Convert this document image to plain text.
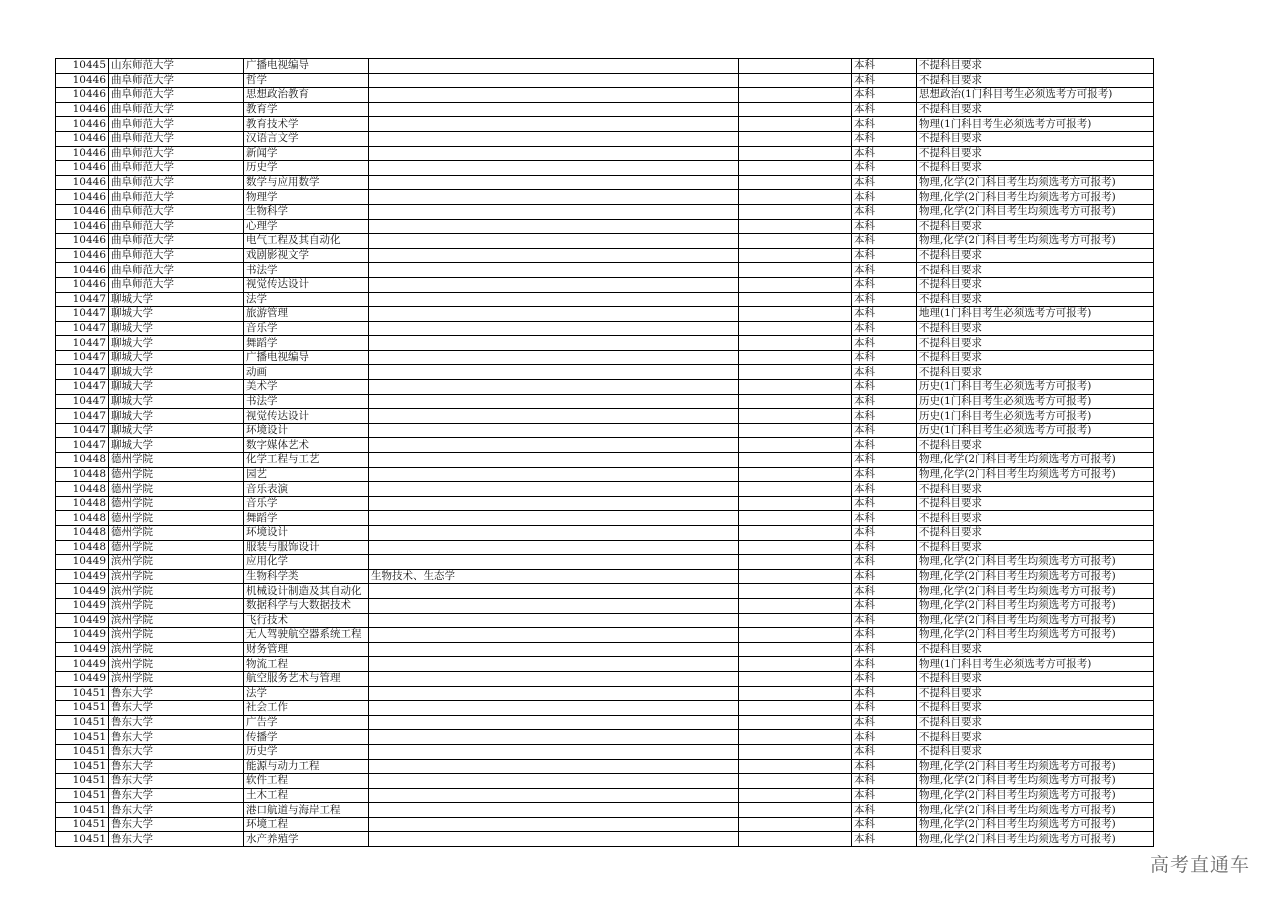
10445	山东师范大学	广播电视编导			本科	不提科目要求
10446	曲阜师范大学	哲学			本科	不提科目要求
10446	曲阜师范大学	思想政治教育			本科	思想政治(1门科目考生必须选考方可报考)
10446	曲阜师范大学	教育学			本科	不提科目要求
10446	曲阜师范大学	教育技术学			本科	物理(1门科目考生必须选考方可报考)
10446	曲阜师范大学	汉语言文学			本科	不提科目要求
10446	曲阜师范大学	新闻学			本科	不提科目要求
10446	曲阜师范大学	历史学			本科	不提科目要求
10446	曲阜师范大学	数学与应用数学			本科	物理,化学(2门科目考生均须选考方可报考)
10446	曲阜师范大学	物理学			本科	物理,化学(2门科目考生均须选考方可报考)
10446	曲阜师范大学	生物科学			本科	物理,化学(2门科目考生均须选考方可报考)
10446	曲阜师范大学	心理学			本科	不提科目要求
10446	曲阜师范大学	电气工程及其自动化			本科	物理,化学(2门科目考生均须选考方可报考)
10446	曲阜师范大学	戏剧影视文学			本科	不提科目要求
10446	曲阜师范大学	书法学			本科	不提科目要求
10446	曲阜师范大学	视觉传达设计			本科	不提科目要求
10447	聊城大学	法学			本科	不提科目要求
10447	聊城大学	旅游管理			本科	地理(1门科目考生必须选考方可报考)
10447	聊城大学	音乐学			本科	不提科目要求
10447	聊城大学	舞蹈学			本科	不提科目要求
10447	聊城大学	广播电视编导			本科	不提科目要求
10447	聊城大学	动画			本科	不提科目要求
10447	聊城大学	美术学			本科	历史(1门科目考生必须选考方可报考)
10447	聊城大学	书法学			本科	历史(1门科目考生必须选考方可报考)
10447	聊城大学	视觉传达设计			本科	历史(1门科目考生必须选考方可报考)
10447	聊城大学	环境设计			本科	历史(1门科目考生必须选考方可报考)
10447	聊城大学	数字媒体艺术			本科	不提科目要求
10448	德州学院	化学工程与工艺			本科	物理,化学(2门科目考生均须选考方可报考)
10448	德州学院	园艺			本科	物理,化学(2门科目考生均须选考方可报考)
10448	德州学院	音乐表演			本科	不提科目要求
10448	德州学院	音乐学			本科	不提科目要求
10448	德州学院	舞蹈学			本科	不提科目要求
10448	德州学院	环境设计			本科	不提科目要求
10448	德州学院	服装与服饰设计			本科	不提科目要求
10449	滨州学院	应用化学			本科	物理,化学(2门科目考生均须选考方可报考)
10449	滨州学院	生物科学类	生物技术、生态学		本科	物理,化学(2门科目考生均须选考方可报考)
10449	滨州学院	机械设计制造及其自动化			本科	物理,化学(2门科目考生均须选考方可报考)
10449	滨州学院	数据科学与大数据技术			本科	物理,化学(2门科目考生均须选考方可报考)
10449	滨州学院	飞行技术			本科	物理,化学(2门科目考生均须选考方可报考)
10449	滨州学院	无人驾驶航空器系统工程			本科	物理,化学(2门科目考生均须选考方可报考)
10449	滨州学院	财务管理			本科	不提科目要求
10449	滨州学院	物流工程			本科	物理(1门科目考生必须选考方可报考)
10449	滨州学院	航空服务艺术与管理			本科	不提科目要求
10451	鲁东大学	法学			本科	不提科目要求
10451	鲁东大学	社会工作			本科	不提科目要求
10451	鲁东大学	广告学			本科	不提科目要求
10451	鲁东大学	传播学			本科	不提科目要求
10451	鲁东大学	历史学			本科	不提科目要求
10451	鲁东大学	能源与动力工程			本科	物理,化学(2门科目考生均须选考方可报考)
10451	鲁东大学	软件工程			本科	物理,化学(2门科目考生均须选考方可报考)
10451	鲁东大学	土木工程			本科	物理,化学(2门科目考生均须选考方可报考)
10451	鲁东大学	港口航道与海岸工程			本科	物理,化学(2门科目考生均须选考方可报考)
10451	鲁东大学	环境工程			本科	物理,化学(2门科目考生均须选考方可报考)
10451	鲁东大学	水产养殖学			本科	物理,化学(2门科目考生均须选考方可报考)
高考直通车
